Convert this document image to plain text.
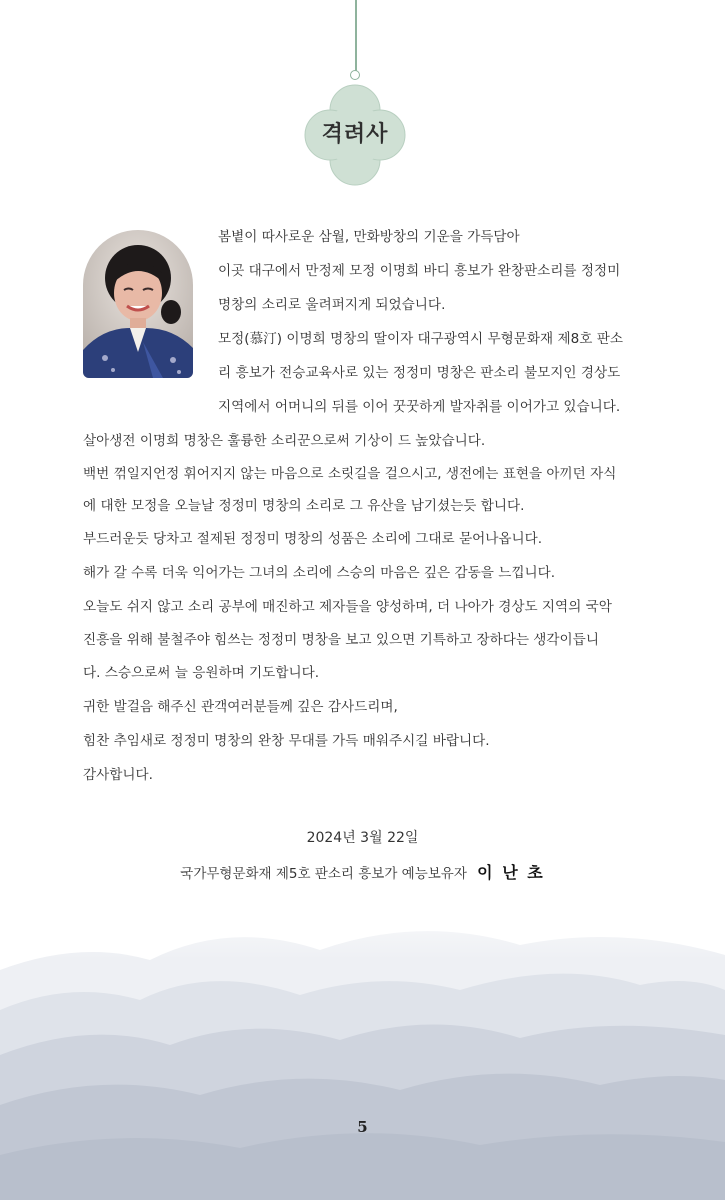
격려사
봄볕이 따사로운 삼월, 만화방창의 기운을 가득담아
이곳 대구에서 만정제 모정 이명희 바디 흥보가 완창판소리를 정정미
명창의 소리로 울려퍼지게 되었습니다.
모정(慕汀) 이명희 명창의 딸이자 대구광역시 무형문화재 제8호 판소
리 흥보가 전승교육사로 있는 정정미 명창은 판소리 불모지인 경상도
지역에서 어머니의 뒤를 이어 꿋꿋하게 발자취를 이어가고 있습니다.
살아생전 이명희 명창은 훌륭한 소리꾼으로써 기상이 드 높았습니다.
백번 꺾일지언정 휘어지지 않는 마음으로 소릿길을 걸으시고, 생전에는 표현을 아끼던 자식
에 대한 모정을 오늘날 정정미 명창의 소리로 그 유산을 남기셨는듯 합니다.
부드러운듯 당차고 절제된 정정미 명창의 성품은 소리에 그대로 묻어나옵니다.
해가 갈 수록 더욱 익어가는 그녀의 소리에 스승의 마음은 깊은 감동을 느낍니다.
오늘도 쉬지 않고 소리 공부에 매진하고 제자들을 양성하며, 더 나아가 경상도 지역의 국악
진흥을 위해 불철주야 힘쓰는 정정미 명창을 보고 있으면 기특하고 장하다는 생각이듭니
다. 스승으로써 늘 응원하며 기도합니다.
귀한 발걸음 해주신 관객여러분들께 깊은 감사드리며,
힘찬 추임새로 정정미 명창의 완창 무대를 가득 매워주시길 바랍니다.
감사합니다.
2024년 3월 22일
국가무형문화재 제5호 판소리 흥보가 예능보유자 이 난 초
5
